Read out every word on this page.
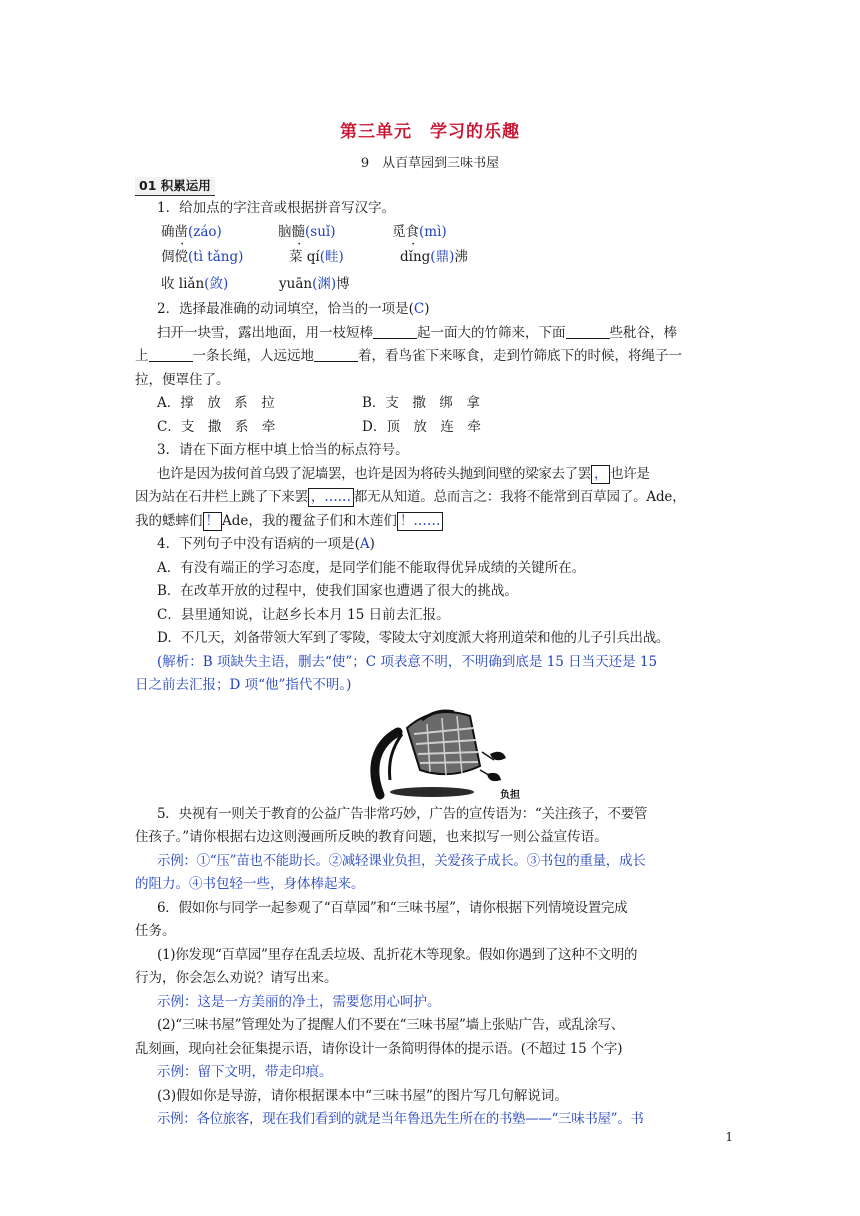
第三单元　学习的乐趣
9　从百草园到三味书屋
01 积累运用
1．给加点的字注音或根据拼音写汉字。
确凿(záo)	脑髓(suǐ)	觅食(mì)
倜傥(tì tǎng)	菜 qí(畦)	dǐng(鼎)沸
收 liǎn(敛)	yuān(渊)博
2．选择最准确的动词填空，恰当的一项是(C)
扫开一块雪，露出地面，用一枝短棒	起一面大的竹筛来，下面	些秕谷，棒
上	一条长绳，人远远地	着，看鸟雀下来啄食，走到竹筛底下的时候，将绳子一
拉，便罩住了。
A．撑　放　系　拉	B．支　撒　绑　拿
C．支　撒　系　牵	D．顶　放　连　牵
3．请在下面方框中填上恰当的标点符号。
也许是因为拔何首乌毁了泥墙罢，也许是因为将砖头抛到间壁的梁家去了罢 ， 也许是
因为站在石井栏上跳了下来罢 ，…… 都无从知道。总而言之：我将不能常到百草园了。Ade，
我的蟋蟀们 ！ Ade，我的覆盆子们和木莲们 ！……
4．下列句子中没有语病的一项是(A)
A．有没有端正的学习态度，是同学们能不能取得优异成绩的关键所在。
B．在改革开放的过程中，使我们国家也遭遇了很大的挑战。
C．县里通知说，让赵乡长本月 15 日前去汇报。
D．不几天，刘备带领大军到了零陵，零陵太守刘度派大将刑道荣和他的儿子引兵出战。
(解析：B 项缺失主语，删去“使”；C 项表意不明，不明确到底是 15 日当天还是 15
日之前去汇报；D 项“他”指代不明。)
负担
5．央视有一则关于教育的公益广告非常巧妙，广告的宣传语为：“关注孩子，不要管
住孩子。”请你根据右边这则漫画所反映的教育问题，也来拟写一则公益宣传语。
示例：①“压”苗也不能助长。②减轻课业负担，关爱孩子成长。③书包的重量，成长
的阻力。④书包轻一些，身体棒起来。
6．假如你与同学一起参观了“百草园”和“三味书屋”，请你根据下列情境设置完成
任务。
(1)你发现“百草园”里存在乱丢垃圾、乱折花木等现象。假如你遇到了这种不文明的
行为，你会怎么劝说？请写出来。
示例：这是一方美丽的净土，需要您用心呵护。
(2)“三味书屋”管理处为了提醒人们不要在“三味书屋”墙上张贴广告，或乱涂写、
乱刻画，现向社会征集提示语，请你设计一条简明得体的提示语。(不超过 15 个字)
示例：留下文明，带走印痕。
(3)假如你是导游，请你根据课本中“三味书屋”的图片写几句解说词。
示例：各位旅客，现在我们看到的就是当年鲁迅先生所在的书塾——“三味书屋”。书
1
